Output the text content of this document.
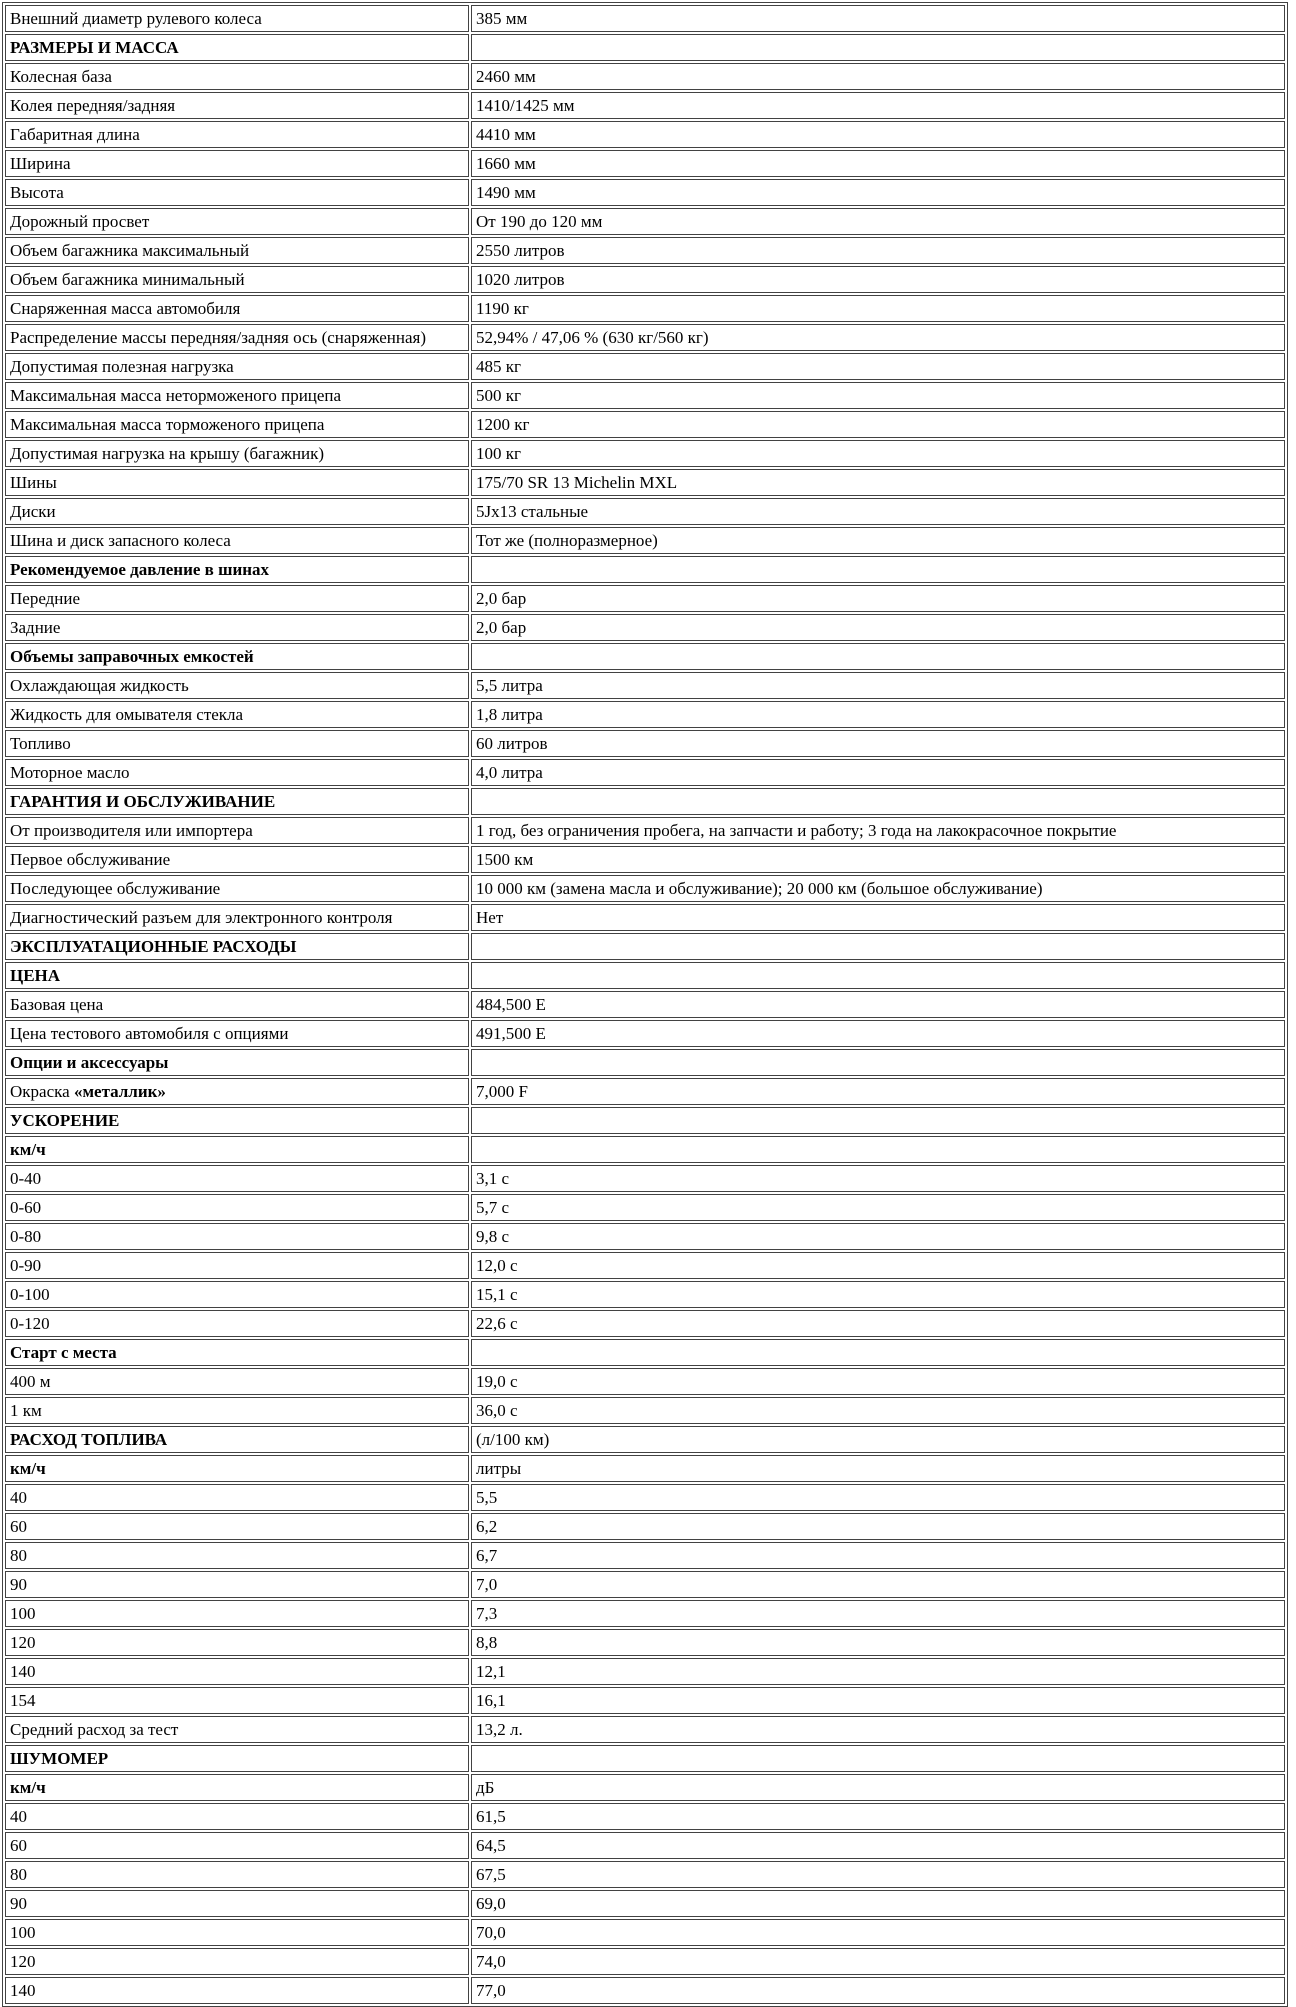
Внешний диаметр рулевого колеса	385 мм
РАЗМЕРЫ И МАССА	
Колесная база	2460 мм
Колея передняя/задняя	1410/1425 мм
Габаритная длина	4410 мм
Ширина	1660 мм
Высота	1490 мм
Дорожный просвет	От 190 до 120 мм
Объем багажника максимальный	2550 литров
Объем багажника минимальный	1020 литров
Снаряженная масса автомобиля	1190 кг
Распределение массы передняя/задняя ось (снаряженная)	52,94% / 47,06 % (630 кг/560 кг)
Допустимая полезная нагрузка	485 кг
Максимальная масса неторможеного прицепа	500 кг
Максимальная масса торможеного прицепа	1200 кг
Допустимая нагрузка на крышу (багажник)	100 кг
Шины	175/70 SR 13 Michelin MXL
Диски	5Jx13 стальные
Шина и диск запасного колеса	Тот же (полноразмерное)
Рекомендуемое давление в шинах	
Передние	2,0 бар
Задние	2,0 бар
Объемы заправочных емкостей	
Охлаждающая жидкость	5,5 литра
Жидкость для омывателя стекла	1,8 литра
Топливо	60 литров
Моторное масло	4,0 литра
ГАРАНТИЯ И ОБСЛУЖИВАНИЕ	
От производителя или импортера	1 год, без ограничения пробега, на запчасти и работу; 3 года на лакокрасочное покрытие
Первое обслуживание	1500 км
Последующее обслуживание	10 000 км (замена масла и обслуживание); 20 000 км (большое обслуживание)
Диагностический разъем для электронного контроля	Нет
ЭКСПЛУАТАЦИОННЫЕ РАСХОДЫ	
ЦЕНА	
Базовая цена	484,500 E
Цена тестового автомобиля с опциями	491,500 E
Опции и аксессуары	
Окраска «металлик»	7,000 F
УСКОРЕНИЕ	
км/ч	
0-40	3,1 с
0-60	5,7 с
0-80	9,8 с
0-90	12,0 с
0-100	15,1 с
0-120	22,6 с
Старт с места	
400 м	19,0 с
1 км	36,0 с
РАСХОД ТОПЛИВА	(л/100 км)
км/ч	литры
40	5,5
60	6,2
80	6,7
90	7,0
100	7,3
120	8,8
140	12,1
154	16,1
Средний расход за тест	13,2 л.
ШУМОМЕР	
км/ч	дБ
40	61,5
60	64,5
80	67,5
90	69,0
100	70,0
120	74,0
140	77,0
